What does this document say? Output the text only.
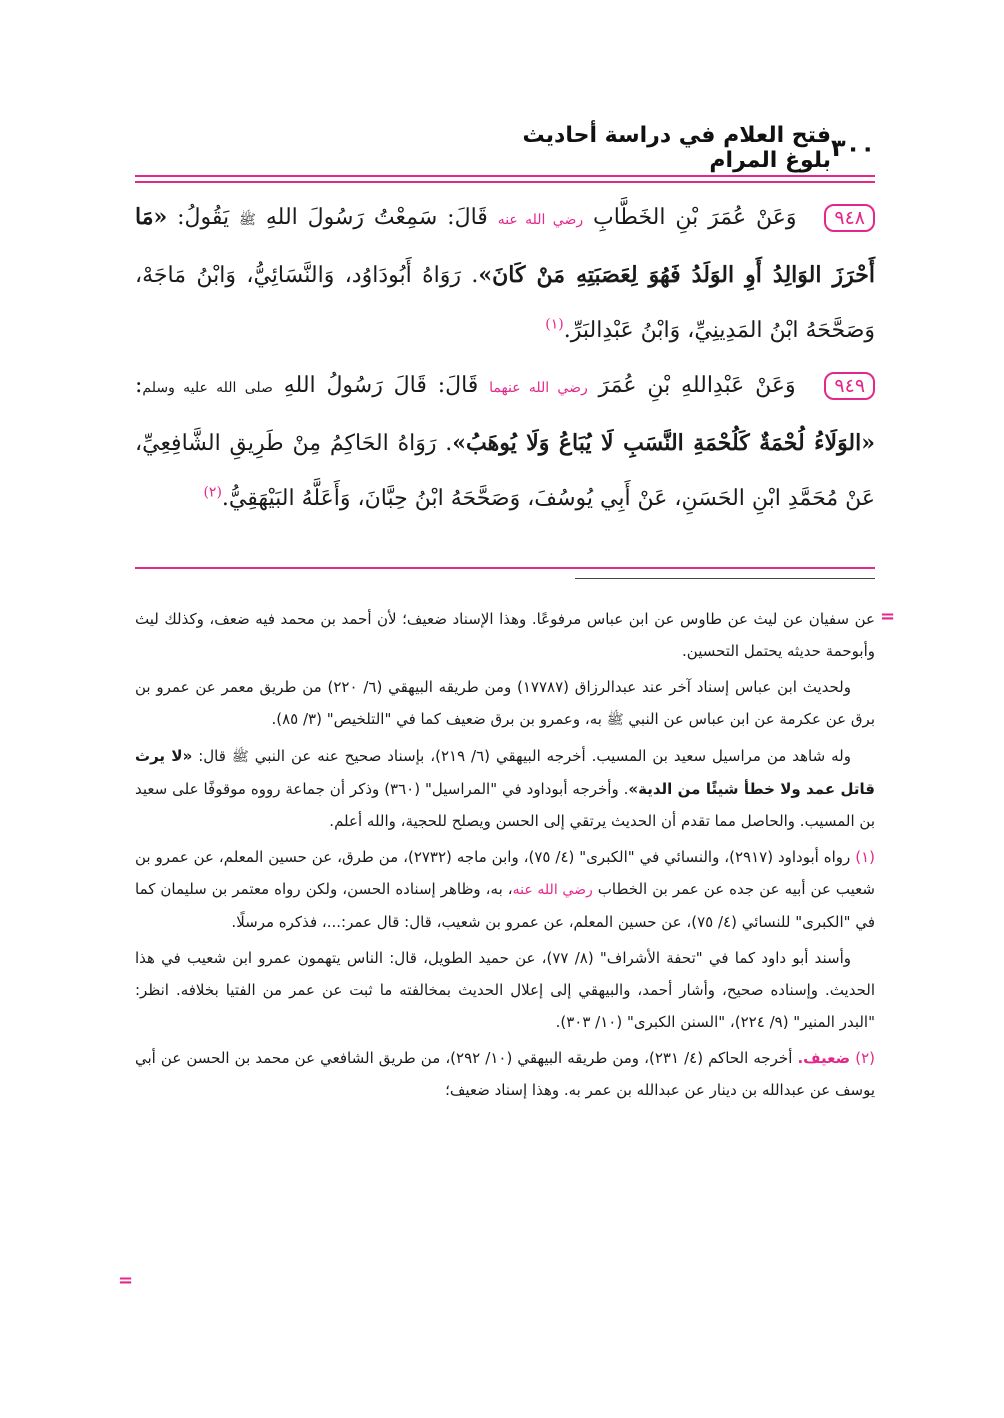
٣٠٠
فتح العلام في دراسة أحاديث بلوغ المرام

٩٤٨ وَعَنْ عُمَرَ بْنِ الخَطَّابِ رضي الله عنه قَالَ: سَمِعْتُ رَسُولَ اللهِ ﷺ يَقُولُ: «مَا أَحْرَزَ الوَالِدُ أَوِ الوَلَدُ فَهُوَ لِعَصَبَتِهِ مَنْ كَانَ». رَوَاهُ أَبُودَاوُد، وَالنَّسَائِيُّ، وَابْنُ مَاجَهْ، وَصَحَّحَهُ ابْنُ المَدِينِيِّ، وَابْنُ عَبْدِالبَرِّ.$^{(١)}$

٩٤٩ وَعَنْ عَبْدِاللهِ بْنِ عُمَرَ رضي الله عنهما قَالَ: قَالَ رَسُولُ اللهِ صلى الله عليه وسلم: «الوَلَاءُ لُحْمَةٌ كَلُحْمَةِ النَّسَبِ لَا يُبَاعُ وَلَا يُوهَبُ». رَوَاهُ الحَاكِمُ مِنْ طَرِيقِ الشَّافِعِيِّ، عَنْ مُحَمَّدِ ابْنِ الحَسَنِ، عَنْ أَبِي يُوسُفَ، وَصَحَّحَهُ ابْنُ حِبَّانَ، وَأَعَلَّهُ البَيْهَقِيُّ.$^{(٢)}$

=

عن سفيان عن ليث عن طاوس عن ابن عباس مرفوعًا. وهذا الإسناد ضعيف؛ لأن أحمد بن محمد فيه ضعف، وكذلك ليث وأبوحمة حديثه يحتمل التحسين.

ولحديث ابن عباس إسناد آخر عند عبدالرزاق (١٧٧٨٧) ومن طريقه البيهقي (٦/ ٢٢٠) من طريق معمر عن عمرو بن برق عن عكرمة عن ابن عباس عن النبي ﷺ به، وعمرو بن برق ضعيف كما في "التلخيص" (٣/ ٨٥).

وله شاهد من مراسيل سعيد بن المسيب. أخرجه البيهقي (٦/ ٢١٩)، بإسناد صحيح عنه عن النبي ﷺ قال: «لا يرث قاتل عمد ولا خطأ شيئًا من الدية». وأخرجه أبوداود في "المراسيل" (٣٦٠) وذكر أن جماعة رووه موقوفًا على سعيد بن المسيب. والحاصل مما تقدم أن الحديث يرتقي إلى الحسن ويصلح للحجية، والله أعلم.

(١) رواه أبوداود (٢٩١٧)، والنسائي في "الكبرى" (٤/ ٧٥)، وابن ماجه (٢٧٣٢)، من طرق، عن حسين المعلم، عن عمرو بن شعيب عن أبيه عن جده عن عمر بن الخطاب رضي الله عنه، به، وظاهر إسناده الحسن، ولكن رواه معتمر بن سليمان كما في "الكبرى" للنسائي (٤/ ٧٥)، عن حسين المعلم، عن عمرو بن شعيب، قال: قال عمر:...، فذكره مرسلًا.

وأسند أبو داود كما في "تحفة الأشراف" (٨/ ٧٧)، عن حميد الطويل، قال: الناس يتهمون عمرو ابن شعيب في هذا الحديث. وإسناده صحيح، وأشار أحمد، والبيهقي إلى إعلال الحديث بمخالفته ما ثبت عن عمر من الفتيا بخلافه. انظر: "البدر المنير" (٩/ ٢٢٤)، "السنن الكبرى" (١٠/ ٣٠٣).

(٢) ضعيف. أخرجه الحاكم (٤/ ٢٣١)، ومن طريقه البيهقي (١٠/ ٢٩٢)، من طريق الشافعي عن محمد بن الحسن عن أبي يوسف عن عبدالله بن دينار عن عبدالله بن عمر به. وهذا إسناد ضعيف؛

=
